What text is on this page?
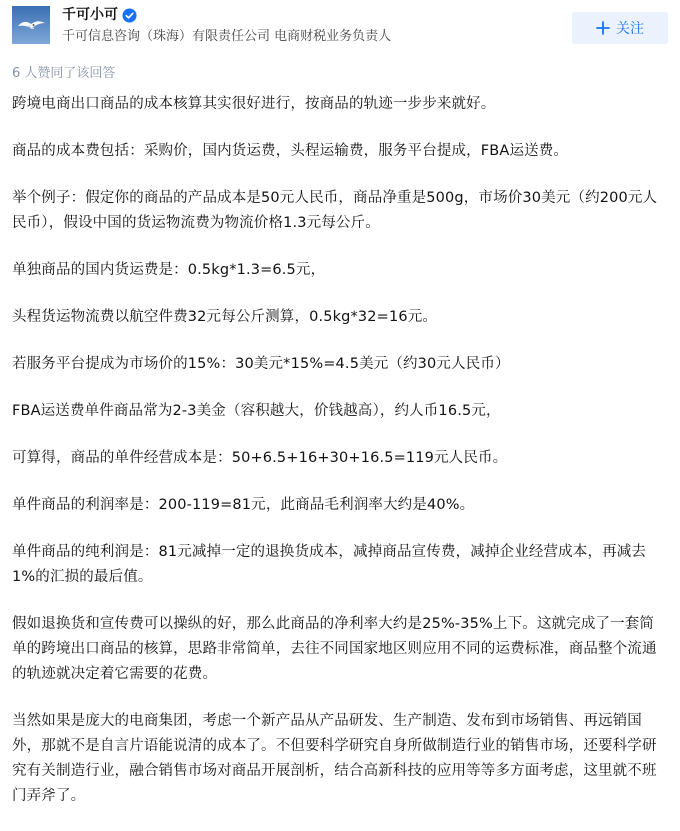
千可小可
千可信息咨询（珠海）有限责任公司 电商财税业务负责人	关注
6 人赞同了该回答

跨境电商出口商品的成本核算其实很好进行，按商品的轨迹一步步来就好。

商品的成本费包括：采购价，国内货运费，头程运输费，服务平台提成，FBA运送费。

举个例子：假定你的商品的产品成本是50元人民币，商品净重是500g，市场价30美元（约200元人民币），假设中国的货运物流费为物流价格1.3元每公斤。

单独商品的国内货运费是：0.5kg*1.3=6.5元，

头程货运物流费以航空件费32元每公斤测算，0.5kg*32=16元。

若服务平台提成为市场价的15%：30美元*15%=4.5美元（约30元人民币）

FBA运送费单件商品常为2-3美金（容积越大，价钱越高），约人币16.5元，

可算得，商品的单件经营成本是：50+6.5+16+30+16.5=119元人民币。

单件商品的利润率是：200-119=81元，此商品毛利润率大约是40%。

单件商品的纯利润是：81元减掉一定的退换货成本，减掉商品宣传费，减掉企业经营成本，再减去1%的汇损的最后值。

假如退换货和宣传费可以操纵的好，那么此商品的净利率大约是25%-35%上下。这就完成了一套简单的跨境出口商品的核算，思路非常简单，去往不同国家地区则应用不同的运费标准，商品整个流通的轨迹就决定着它需要的花费。

当然如果是庞大的电商集团，考虑一个新产品从产品研发、生产制造、发布到市场销售、再远销国外，那就不是自言片语能说清的成本了。不但要科学研究自身所做制造行业的销售市场，还要科学研究有关制造行业，融合销售市场对商品开展剖析，结合高新科技的应用等等多方面考虑，这里就不班门弄斧了。
